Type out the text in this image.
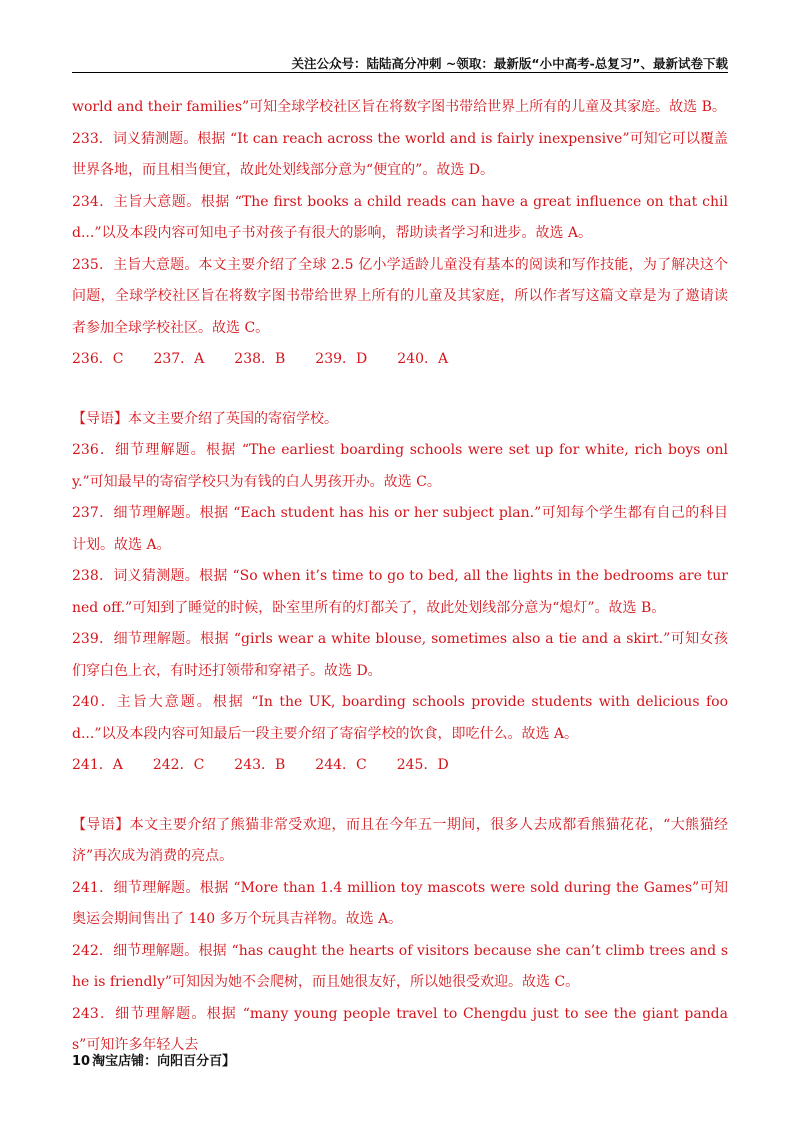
关注公众号：陆陆高分冲刺 ~领取：最新版“小中高考-总复习”、最新试卷下载

world and their families”可知全球学校社区旨在将数字图书带给世界上所有的儿童及其家庭。故选 B。

233．词义猜测题。根据 “It can reach across the world and is fairly inexpensive”可知它可以覆盖世界各地，而且相当便宜，故此处划线部分意为“便宜的”。故选 D。

234．主旨大意题。根据 “The first books a child reads can have a great influence on that child...”以及本段内容可知电子书对孩子有很大的影响，帮助读者学习和进步。故选 A。

235．主旨大意题。本文主要介绍了全球 2.5 亿小学适龄儿童没有基本的阅读和写作技能，为了解决这个问题，全球学校社区旨在将数字图书带给世界上所有的儿童及其家庭，所以作者写这篇文章是为了邀请读者参加全球学校社区。故选 C。

236．C 237．A 238．B 239．D 240．A

【导语】本文主要介绍了英国的寄宿学校。

236．细节理解题。根据 “The earliest boarding schools were set up for white, rich boys only.”可知最早的寄宿学校只为有钱的白人男孩开办。故选 C。

237．细节理解题。根据 “Each student has his or her subject plan.”可知每个学生都有自己的科目计划。故选 A。

238．词义猜测题。根据 “So when it’s time to go to bed, all the lights in the bedrooms are turned off.”可知到了睡觉的时候，卧室里所有的灯都关了，故此处划线部分意为“熄灯”。故选 B。

239．细节理解题。根据 “girls wear a white blouse, sometimes also a tie and a skirt.”可知女孩们穿白色上衣，有时还打领带和穿裙子。故选 D。

240．主旨大意题。根据 “In the UK, boarding schools provide students with delicious food...”以及本段内容可知最后一段主要介绍了寄宿学校的饮食，即吃什么。故选 A。

241．A 242．C 243．B 244．C 245．D

【导语】本文主要介绍了熊猫非常受欢迎，而且在今年五一期间，很多人去成都看熊猫花花，“大熊猫经济”再次成为消费的亮点。

241．细节理解题。根据 “More than 1.4 million toy mascots were sold during the Games”可知奥运会期间售出了 140 多万个玩具吉祥物。故选 A。

242．细节理解题。根据 “has caught the hearts of visitors because she can’t climb trees and she is friendly”可知因为她不会爬树，而且她很友好，所以她很受欢迎。故选 C。

243．细节理解题。根据 “many young people travel to Chengdu just to see the giant pandas”可知许多年轻人去

10 淘宝店铺：向阳百分百】
